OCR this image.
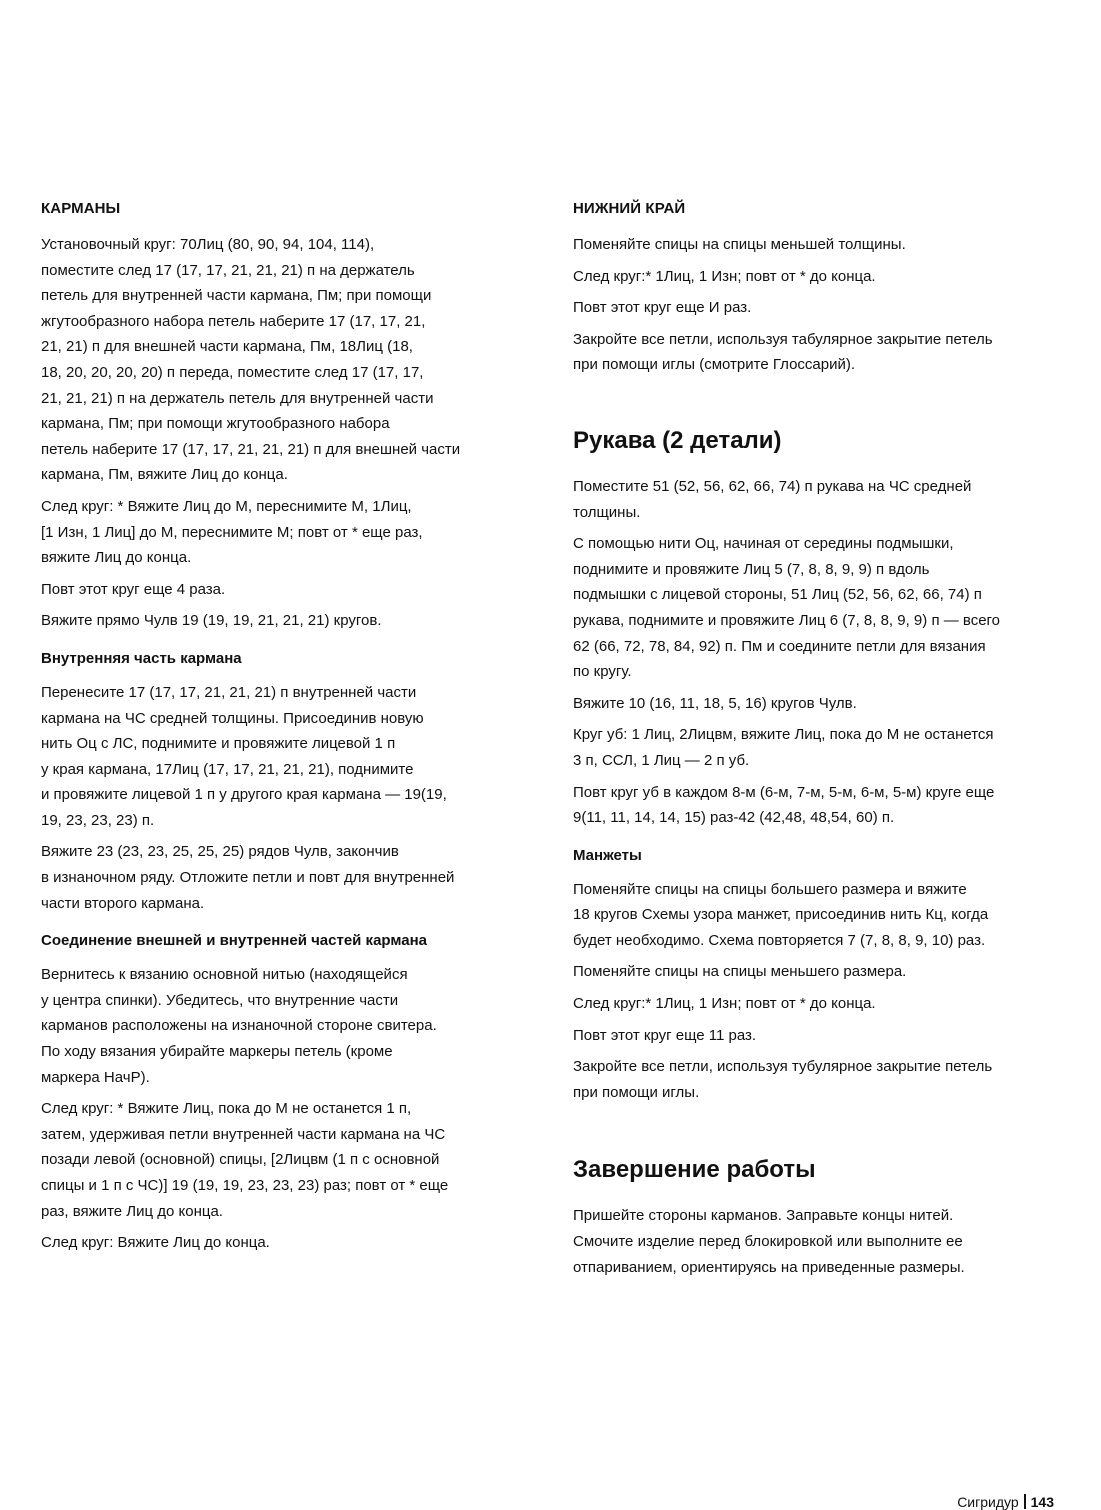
КАРМАНЫ

Установочный круг: 70Лиц (80, 90, 94, 104, 114),
поместите след 17 (17, 17, 21, 21, 21) п на держатель
петель для внутренней части кармана, Пм; при помощи
жгутообразного набора петель наберите 17 (17, 17, 21,
21, 21) п для внешней части кармана, Пм, 18Лиц (18,
18, 20, 20, 20, 20) п переда, поместите след 17 (17, 17,
21, 21, 21) п на держатель петель для внутренней части
кармана, Пм; при помощи жгутообразного набора
петель наберите 17 (17, 17, 21, 21, 21) п для внешней части
кармана, Пм, вяжите Лиц до конца.

След круг: * Вяжите Лиц до М, переснимите М, 1Лиц,
[1 Изн, 1 Лиц] до М, переснимите М; повт от * еще раз,
вяжите Лиц до конца.

Повт этот круг еще 4 раза.

Вяжите прямо Чулв 19 (19, 19, 21, 21, 21) кругов.

Внутренняя часть кармана

Перенесите 17 (17, 17, 21, 21, 21) п внутренней части
кармана на ЧС средней толщины. Присоединив новую
нить Оц с ЛС, поднимите и провяжите лицевой 1 п
у края кармана, 17Лиц (17, 17, 21, 21, 21), поднимите
и провяжите лицевой 1 п у другого края кармана — 19(19,
19, 23, 23, 23) п.

Вяжите 23 (23, 23, 25, 25, 25) рядов Чулв, закончив
в изнаночном ряду. Отложите петли и повт для внутренней
части второго кармана.

Соединение внешней и внутренней частей кармана

Вернитесь к вязанию основной нитью (находящейся
у центра спинки). Убедитесь, что внутренние части
карманов расположены на изнаночной стороне свитера.
По ходу вязания убирайте маркеры петель (кроме
маркера НачР).

След круг: * Вяжите Лиц, пока до М не останется 1 п,
затем, удерживая петли внутренней части кармана на ЧС
позади левой (основной) спицы, [2Лицвм (1 п с основной
спицы и 1 п с ЧС)] 19 (19, 19, 23, 23, 23) раз; повт от * еще
раз, вяжите Лиц до конца.

След круг: Вяжите Лиц до конца.

НИЖНИЙ КРАЙ

Поменяйте спицы на спицы меньшей толщины.

След круг:* 1Лиц, 1 Изн; повт от * до конца.

Повт этот круг еще И раз.

Закройте все петли, используя табулярное закрытие петель
при помощи иглы (смотрите Глоссарий).

Рукава (2 детали)

Поместите 51 (52, 56, 62, 66, 74) п рукава на ЧС средней
толщины.

С помощью нити Оц, начиная от середины подмышки,
поднимите и провяжите Лиц 5 (7, 8, 8, 9, 9) п вдоль
подмышки с лицевой стороны, 51 Лиц (52, 56, 62, 66, 74) п
рукава, поднимите и провяжите Лиц 6 (7, 8, 8, 9, 9) п — всего
62 (66, 72, 78, 84, 92) п. Пм и соедините петли для вязания
по кругу.

Вяжите 10 (16, 11, 18, 5, 16) кругов Чулв.

Круг уб: 1 Лиц, 2Лицвм, вяжите Лиц, пока до М не останется
3 п, ССЛ, 1 Лиц — 2 п уб.

Повт круг уб в каждом 8-м (6-м, 7-м, 5-м, 6-м, 5-м) круге еще
9(11, 11, 14, 14, 15) раз-42 (42,48, 48,54, 60) п.

Манжеты

Поменяйте спицы на спицы большего размера и вяжите
18 кругов Схемы узора манжет, присоединив нить Кц, когда
будет необходимо. Схема повторяется 7 (7, 8, 8, 9, 10) раз.

Поменяйте спицы на спицы меньшего размера.

След круг:* 1Лиц, 1 Изн; повт от * до конца.

Повт этот круг еще 11 раз.

Закройте все петли, используя тубулярное закрытие петель
при помощи иглы.

Завершение работы

Пришейте стороны карманов. Заправьте концы нитей.
Смочите изделие перед блокировкой или выполните ее
отпариванием, ориентируясь на приведенные размеры.

Сигридур 143
